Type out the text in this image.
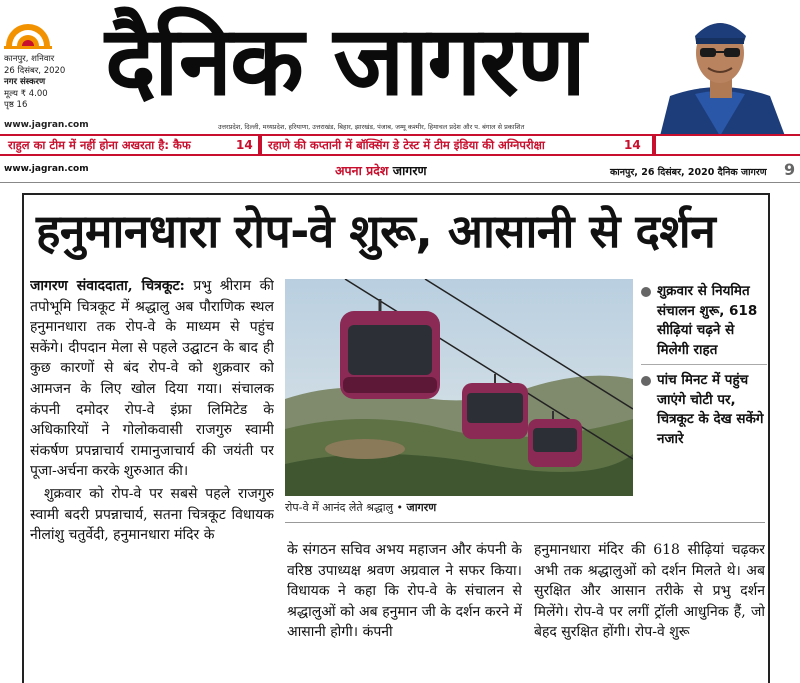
कानपुर, शनिवार
26 दिसंबर, 2020
नगर संस्करण
मूल्य ₹ 4.00
पृष्ठ 16 दैनिक जागरण
www.jagran.com	उत्तरप्रदेश, दिल्ली, मध्यप्रदेश, हरियाणा, उत्तराखंड, बिहार, झारखंड, पंजाब, जम्मू कश्मीर, हिमाचल प्रदेश और प. बंगाल से प्रकाशित
राहुल का टीम में नहीं होना अखरता है: कैफ	14 रहाणे की कप्तानी में बॉक्सिंग डे टेस्ट में टीम इंडिया की अग्निपरीक्षा	14
www.jagran.com	अपना प्रदेश जागरण	कानपुर, 26 दिसंबर, 2020 दैनिक जागरण 9
हनुमानधारा रोप-वे शुरू, आसानी से दर्शन

जागरण संवाददाता, चित्रकूट: प्रभु श्रीराम की तपोभूमि चित्रकूट में श्रद्धालु अब पौराणिक स्थल हनुमानधारा तक रोप-वे के माध्यम से पहुंच सकेंगे। दीपदान मेला से पहले उद्घाटन के बाद ही कुछ कारणों से बंद रोप-वे को शुक्रवार को आमजन के लिए खोल दिया गया। संचालक कंपनी दमोदर रोप-वे इंफ्रा लिमिटेड के अधिकारियों ने गोलोकवासी राजगुरु स्वामी संकर्षण प्रपन्नाचार्य रामानुजाचार्य की जयंती पर पूजा-अर्चना करके शुरुआत की।

शुक्रवार को रोप-वे पर सबसे पहले राजगुरु स्वामी बदरी प्रपन्नाचार्य, सतना चित्रकूट विधायक नीलांशु चतुर्वेदी, हनुमानधारा मंदिर के

रोप-वे में आनंद लेते श्रद्धालु • जागरण
शुक्रवार से नियमित संचालन शुरू, 618 सीढ़ियां चढ़ने से मिलेगी राहत
पांच मिनट में पहुंच जाएंगे चोटी पर, चित्रकूट के देख सकेंगे नजारे
के संगठन सचिव अभय महाजन और कंपनी के वरिष्ठ उपाध्यक्ष श्रवण अग्रवाल ने सफर किया। विधायक ने कहा कि रोप-वे के संचालन से श्रद्धालुओं को अब हनुमान जी के दर्शन करने में आसानी होगी। कंपनी
हनुमानधारा मंदिर की 618 सीढ़ियां चढ़कर अभी तक श्रद्धालुओं को दर्शन मिलते थे। अब सुरक्षित और आसान तरीके से प्रभु दर्शन मिलेंगे। रोप-वे पर लगीं ट्रॉली आधुनिक हैं, जो बेहद सुरक्षित होंगी। रोप-वे शुरू
